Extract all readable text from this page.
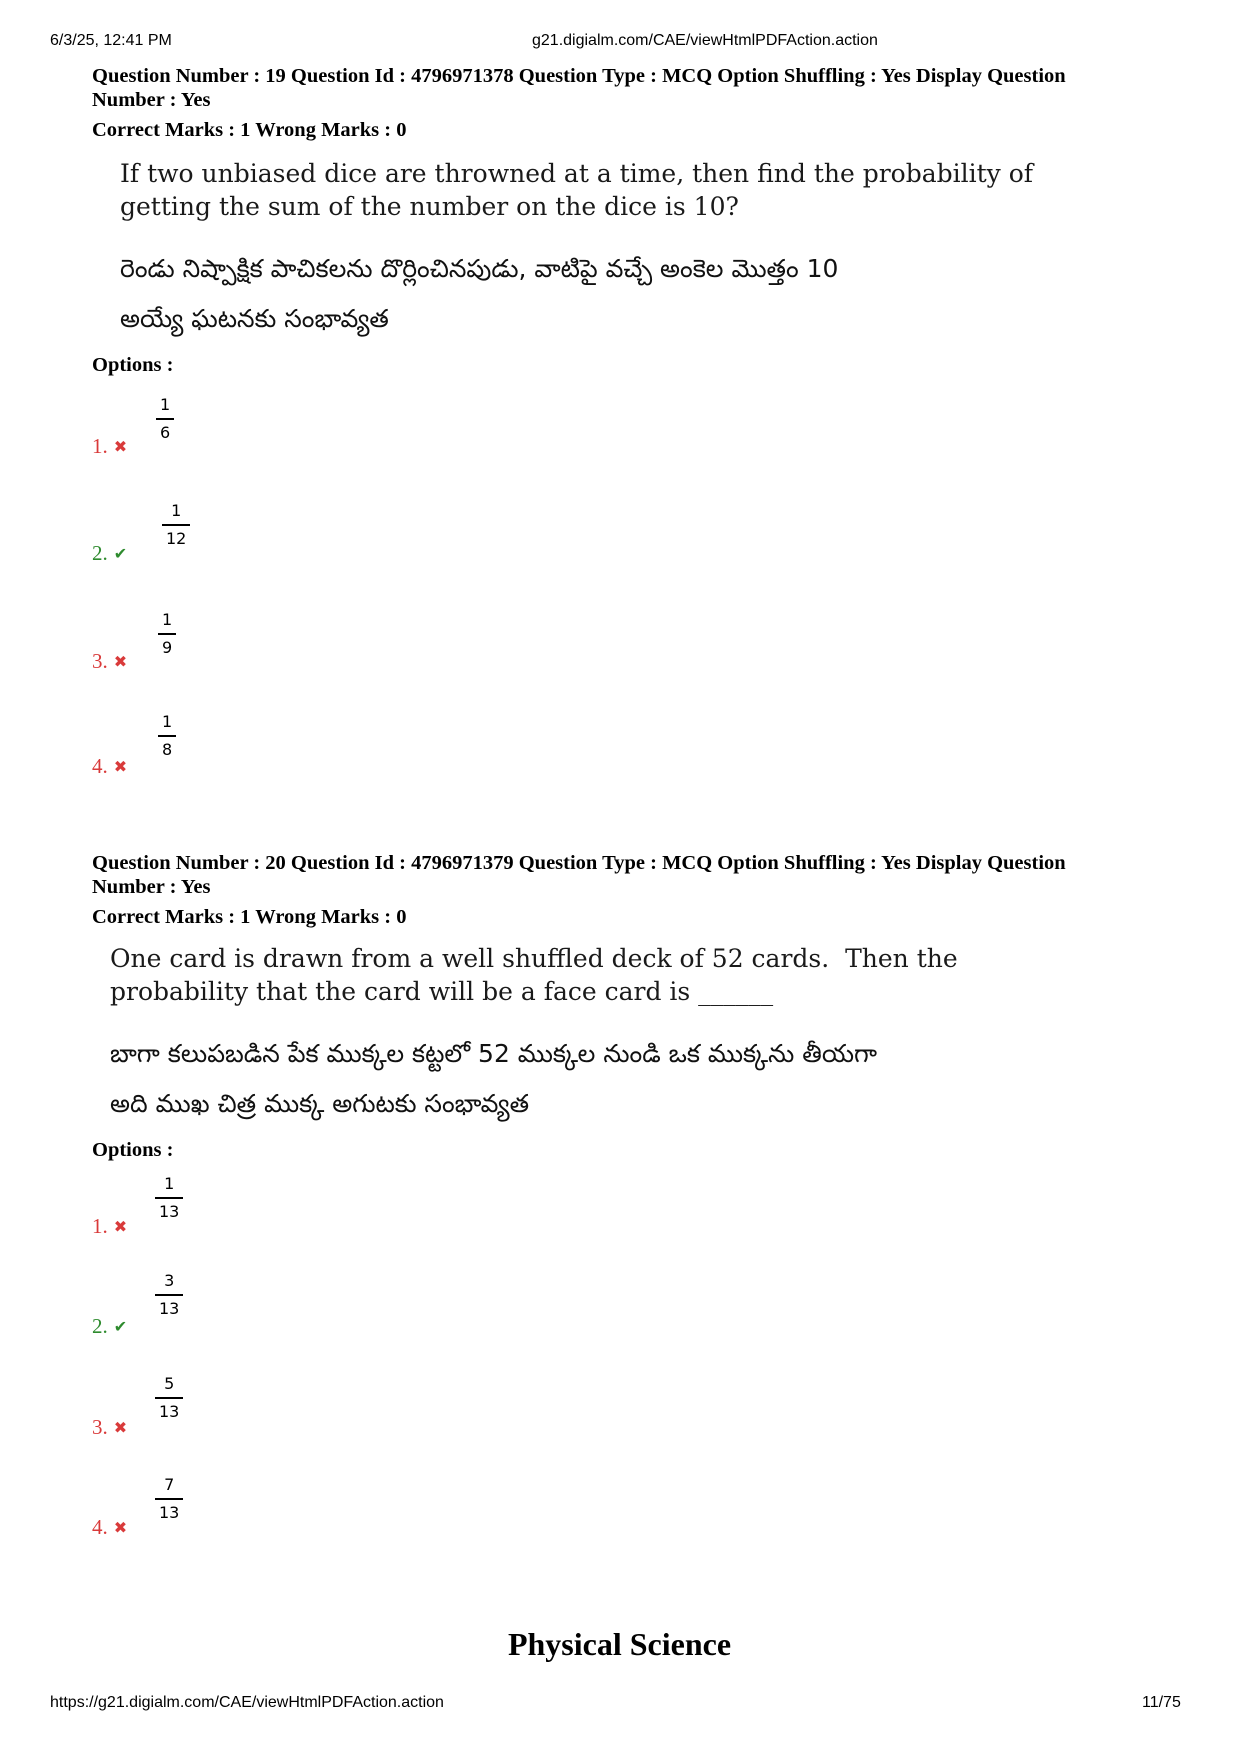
6/3/25, 12:41 PM	g21.digialm.com/CAE/viewHtmlPDFAction.action
Question Number : 19 Question Id : 4796971378 Question Type : MCQ Option Shuffling : Yes Display Question
Number : Yes
Correct Marks : 1 Wrong Marks : 0
If two unbiased dice are throwned at a time, then find the probability of
getting the sum of the number on the dice is 10?
రెండు నిష్పాక్షిక పాచికలను దొర్లించినపుడు, వాటిపై వచ్చే అంకెల మొత్తం 10
అయ్యే ఘటనకు సంభావ్యత
Options :
1. ✖
1
6
2. ✔
1
12
3. ✖
1
9
4. ✖
1
8
Question Number : 20 Question Id : 4796971379 Question Type : MCQ Option Shuffling : Yes Display Question
Number : Yes
Correct Marks : 1 Wrong Marks : 0
One card is drawn from a well shuffled deck of 52 cards.  Then the
probability that the card will be a face card is ______
బాగా కలుపబడిన పేక ముక్కల కట్టలో 52 ముక్కల నుండి ఒక ముక్కను తీయగా
అది ముఖ చిత్ర ముక్క అగుటకు సంభావ్యత
Options :
1. ✖
1
13
2. ✔
3
13
3. ✖
5
13
4. ✖
7
13
Physical Science
https://g21.digialm.com/CAE/viewHtmlPDFAction.action	11/75
